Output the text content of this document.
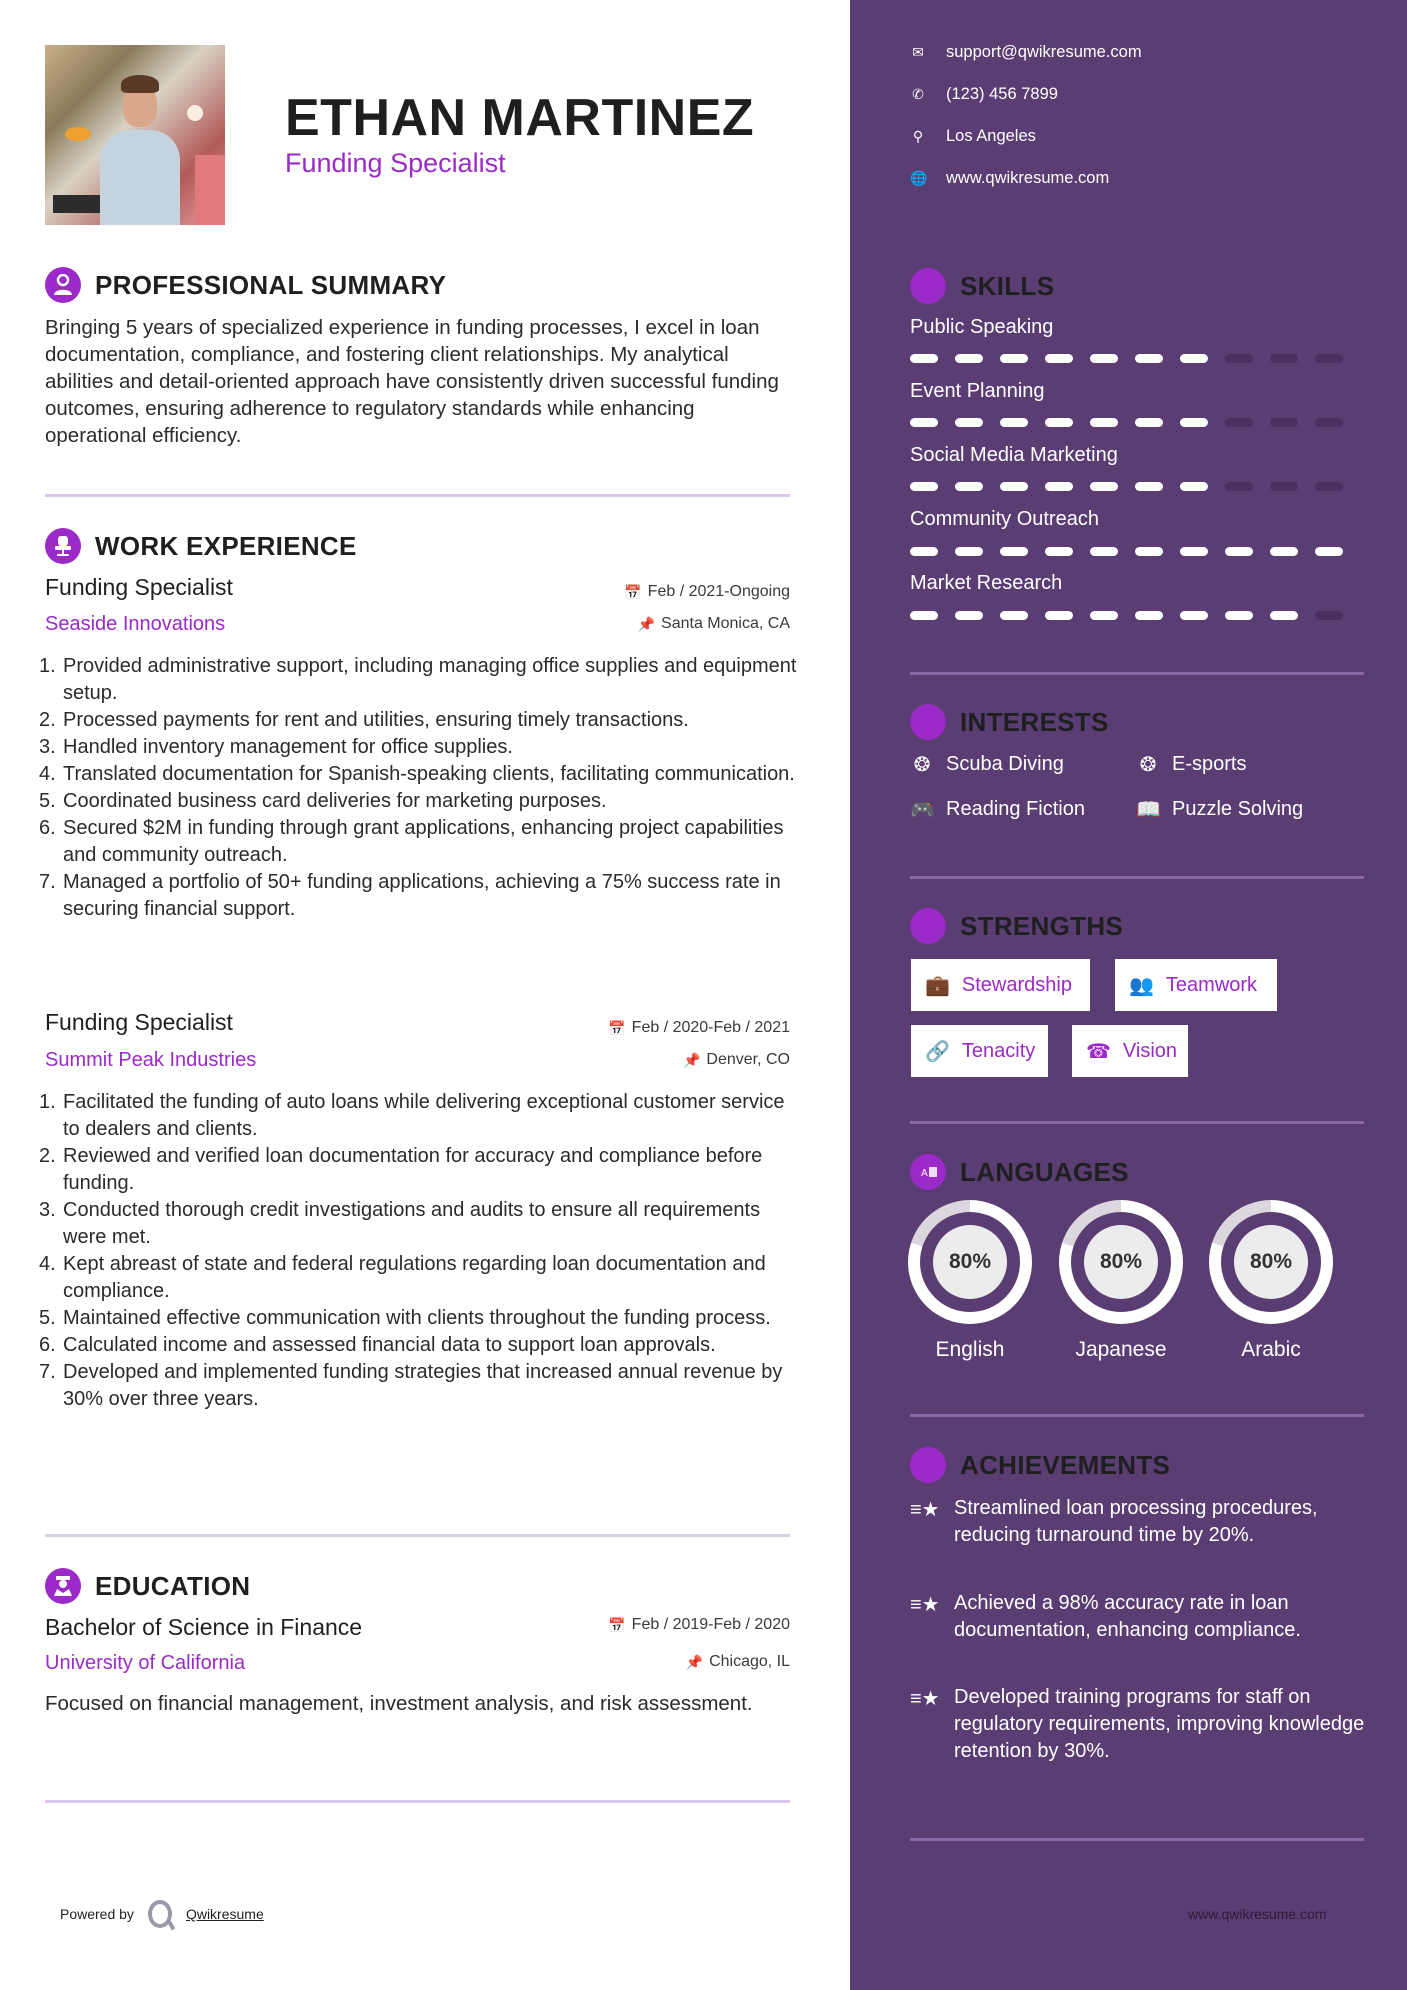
ETHAN MARTINEZ
Funding Specialist
PROFESSIONAL SUMMARY
Bringing 5 years of specialized experience in funding processes, I excel in loan documentation, compliance, and fostering client relationships. My analytical abilities and detail-oriented approach have consistently driven successful funding outcomes, ensuring adherence to regulatory standards while enhancing operational efficiency.
WORK EXPERIENCE
Funding Specialist	📅 Feb / 2021-Ongoing
Seaside Innovations	📌 Santa Monica, CA
1. Provided administrative support, including managing office supplies and equipment setup.
2. Processed payments for rent and utilities, ensuring timely transactions.
3. Handled inventory management for office supplies.
4. Translated documentation for Spanish-speaking clients, facilitating communication.
5. Coordinated business card deliveries for marketing purposes.
6. Secured $2M in funding through grant applications, enhancing project capabilities and community outreach.
7. Managed a portfolio of 50+ funding applications, achieving a 75% success rate in securing financial support.
Funding Specialist	📅 Feb / 2020-Feb / 2021
Summit Peak Industries	📌 Denver, CO
1. Facilitated the funding of auto loans while delivering exceptional customer service to dealers and clients.
2. Reviewed and verified loan documentation for accuracy and compliance before funding.
3. Conducted thorough credit investigations and audits to ensure all requirements were met.
4. Kept abreast of state and federal regulations regarding loan documentation and compliance.
5. Maintained effective communication with clients throughout the funding process.
6. Calculated income and assessed financial data to support loan approvals.
7. Developed and implemented funding strategies that increased annual revenue by 30% over three years.
EDUCATION
Bachelor of Science in Finance	📅 Feb / 2019-Feb / 2020
University of California	📌 Chicago, IL
Focused on financial management, investment analysis, and risk assessment.
Powered by	Qwikresume
✉ support@qwikresume.com
✆ (123) 456 7899
⚲ Los Angeles
🌐 www.qwikresume.com
SKILLS
Public Speaking
Event Planning
Social Media Marketing
Community Outreach
Market Research
INTERESTS
❂ Scuba Diving	❂ E-sports
🎮 Reading Fiction	📖 Puzzle Solving
STRENGTHS
💼 Stewardship	👥 Teamwork
🔗 Tenacity	☎ Vision
A LANGUAGES
80%
English
80%
Japanese
80%
Arabic
★ ACHIEVEMENTS
≡★ Streamlined loan processing procedures, reducing turnaround time by 20%.
≡★ Achieved a 98% accuracy rate in loan documentation, enhancing compliance.
≡★ Developed training programs for staff on regulatory requirements, improving knowledge retention by 30%.
www.qwikresume.com
